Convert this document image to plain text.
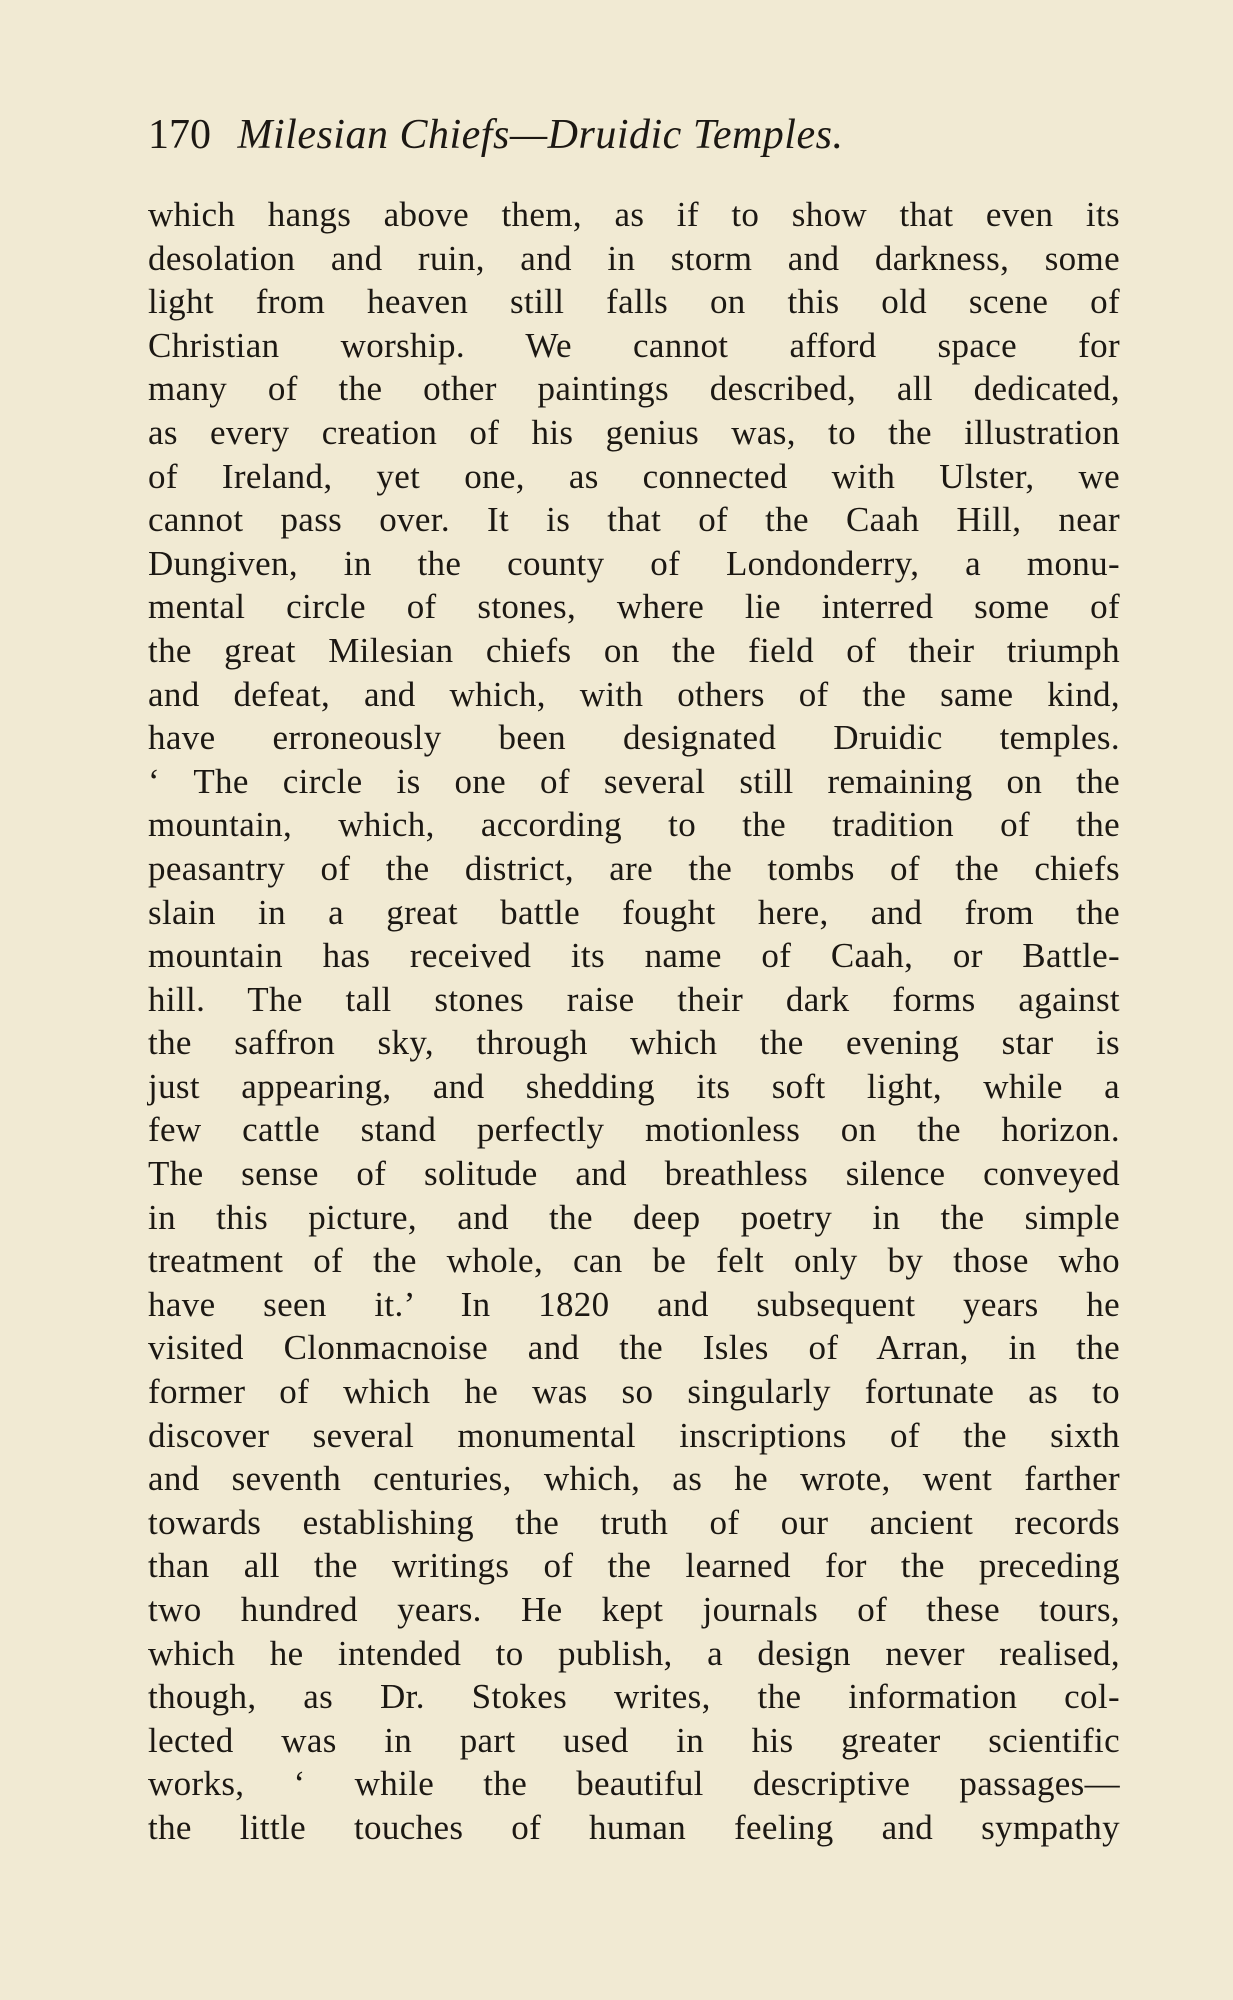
170 Milesian Chiefs—Druidic Temples.
which hangs above them, as if to show that even its
desolation and ruin, and in storm and darkness, some
light from heaven still falls on this old scene of
Christian worship. We cannot afford space for
many of the other paintings described, all dedicated,
as every creation of his genius was, to the illustration
of Ireland, yet one, as connected with Ulster, we
cannot pass over. It is that of the Caah Hill, near
Dungiven, in the county of Londonderry, a monu-
mental circle of stones, where lie interred some of
the great Milesian chiefs on the field of their triumph
and defeat, and which, with others of the same kind,
have erroneously been designated Druidic temples.
‘ The circle is one of several still remaining on the
mountain, which, according to the tradition of the
peasantry of the district, are the tombs of the chiefs
slain in a great battle fought here, and from the
mountain has received its name of Caah, or Battle-
hill. The tall stones raise their dark forms against
the saffron sky, through which the evening star is
just appearing, and shedding its soft light, while a
few cattle stand perfectly motionless on the horizon.
The sense of solitude and breathless silence conveyed
in this picture, and the deep poetry in the simple
treatment of the whole, can be felt only by those who
have seen it.’ In 1820 and subsequent years he
visited Clonmacnoise and the Isles of Arran, in the
former of which he was so singularly fortunate as to
discover several monumental inscriptions of the sixth
and seventh centuries, which, as he wrote, went farther
towards establishing the truth of our ancient records
than all the writings of the learned for the preceding
two hundred years. He kept journals of these tours,
which he intended to publish, a design never realised,
though, as Dr. Stokes writes, the information col-
lected was in part used in his greater scientific
works, ‘ while the beautiful descriptive passages—
the little touches of human feeling and sympathy
